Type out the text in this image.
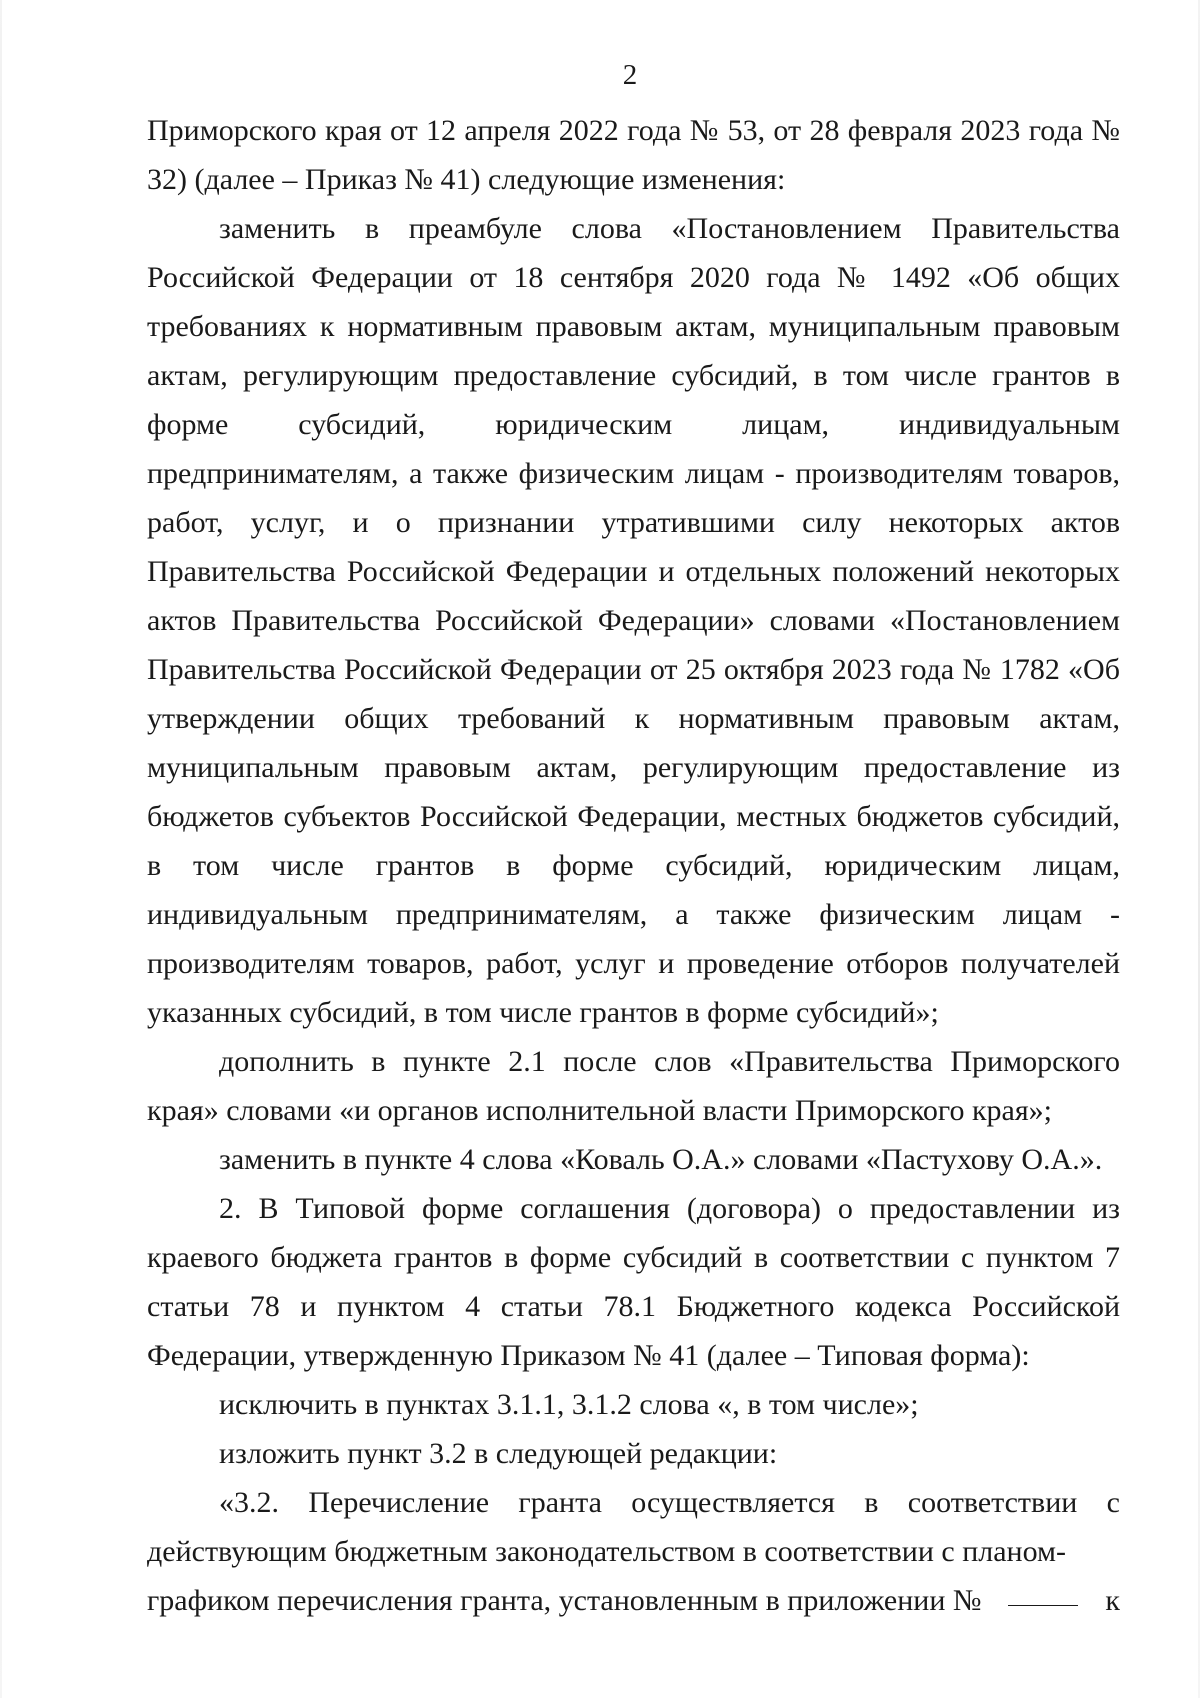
2

Приморского края от 12 апреля 2022 года № 53, от 28 февраля 2023 года № 32) (далее – Приказ № 41) следующие изменения:

заменить в преамбуле слова «Постановлением Правительства Российской Федерации от 18 сентября 2020 года № 1492 «Об общих требованиях к нормативным правовым актам, муниципальным правовым актам, регулирующим предоставление субсидий, в том числе грантов в форме субсидий, юридическим лицам, индивидуальным предпринимателям, а также физическим лицам - производителям товаров, работ, услуг, и о признании утратившими силу некоторых актов Правительства Российской Федерации и отдельных положений некоторых актов Правительства Российской Федерации» словами «Постановлением Правительства Российской Федерации от 25 октября 2023 года № 1782 «Об утверждении общих требований к нормативным правовым актам, муниципальным правовым актам, регулирующим предоставление из бюджетов субъектов Российской Федерации, местных бюджетов субсидий, в том числе грантов в форме субсидий, юридическим лицам, индивидуальным предпринимателям, а также физическим лицам - производителям товаров, работ, услуг и проведение отборов получателей указанных субсидий, в том числе грантов в форме субсидий»;

дополнить в пункте 2.1 после слов «Правительства Приморского края» словами «и органов исполнительной власти Приморского края»;

заменить в пункте 4 слова «Коваль О.А.» словами «Пастухову О.А.».

2. В Типовой форме соглашения (договора) о предоставлении из краевого бюджета грантов в форме субсидий в соответствии с пунктом 7 статьи 78 и пунктом 4 статьи 78.1 Бюджетного кодекса Российской Федерации, утвержденную Приказом № 41 (далее – Типовая форма):

исключить в пунктах 3.1.1, 3.1.2 слова «, в том числе»;

изложить пункт 3.2 в следующей редакции:

«3.2. Перечисление гранта осуществляется в соответствии с действующим бюджетным законодательством в соответствии с планом-

графиком перечисления гранта, установленным в приложении №	к
